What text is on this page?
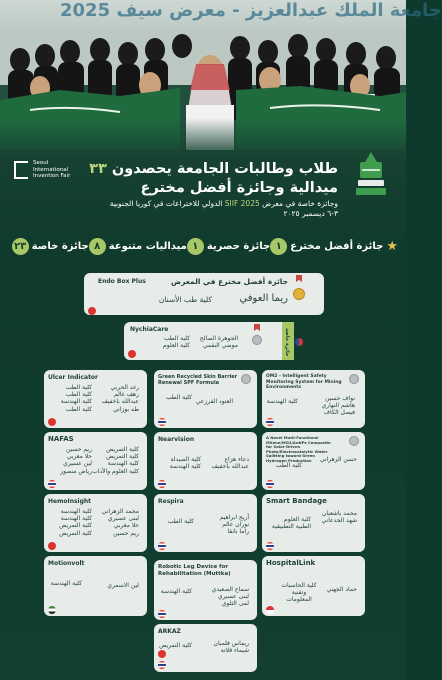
جامعة الملك عبدالعزيز - معرض سيف 2025
Seoul
International
Invention Fair	طلاب وطالبات الجامعة يحصدون ٣٣
ميدالية وجائزة أفضل مخترع
وجائزة خاصة في معرض SIIF 2025 الدولي للاختراعات في كوريا الجنوبية
٣-٦ ديسمبر ٢٠٢٥
★
جائزة أفضل مخترع
١
جائزة حصرية
١
ميداليات متنوعة
٨
جائزة خاصة
٢٣
Endo Box Plus	جائزة أفضل مخترع في المعرض
ريما العوفي
كلية طب الأسنان
NychiaCare
الجوهرة الصالح
موضي البقمي
كلية الطب
كلية العلوم	جائزة خاصة
Ulcer Indicator
رغد الحربي
رهف غالم
عبدالله باخفيف
طه بوزاني
كلية الطب
كلية الطب
كلية الهندسة
كلية الطب
Green Recycled Skin Barrier Renewal SPF Formula
العنود الفرزعي
كلية الطب
OM2 - Intelligent Safety Monitoring System for Mining Environments
نواف حسين
هاشم النهاري
فيصل الكاف
كلية الهندسة
NAFAS
ريم حسين
حلا مغربي
لين عسيري
رياض منصور
كلية التمريض
كلية التمريض
كلية الهندسة
كلية العلوم والآداب
Nearvision
دعاء هزاع
عبدالله باخفيف
كلية الصيدلة
كلية الهندسة
A Novel Multi-Functional MXene/MO2/AuNPs Composite for Solar-Driven Photo/Electrocatalytic Water Splitting toward Green Hydrogen Production	حسن الزهراني
كلية الطب
HemoInsight
محمد الزهراني
لبنى عسيري
حلا مغربي
ريم حسين
كلية الهندسة
كلية الهندسة
كلية التمريض
كلية التمريض
Respira
أريج ابراهيم
نوران عالم
راما بانقا
كلية الطب
Smart Bandage
محمد باشعبان
شهد الجدعاني
كلية العلوم
الطبية التطبيقية
Motionvolt
لين الاسمري
كلية الهندسة
Robotic Leg Device for Rehabilitation (Muttka)
سماح الصعيدي
لبنى عسيري
لمى الثلوي
كلية الهندسة
HospitalLink
حماد الجهني
كلية الحاسبات وتقنية المعلومات
ARKAZ
ريماس فلمبان
شيماء قلاتة
كلية التمريض
